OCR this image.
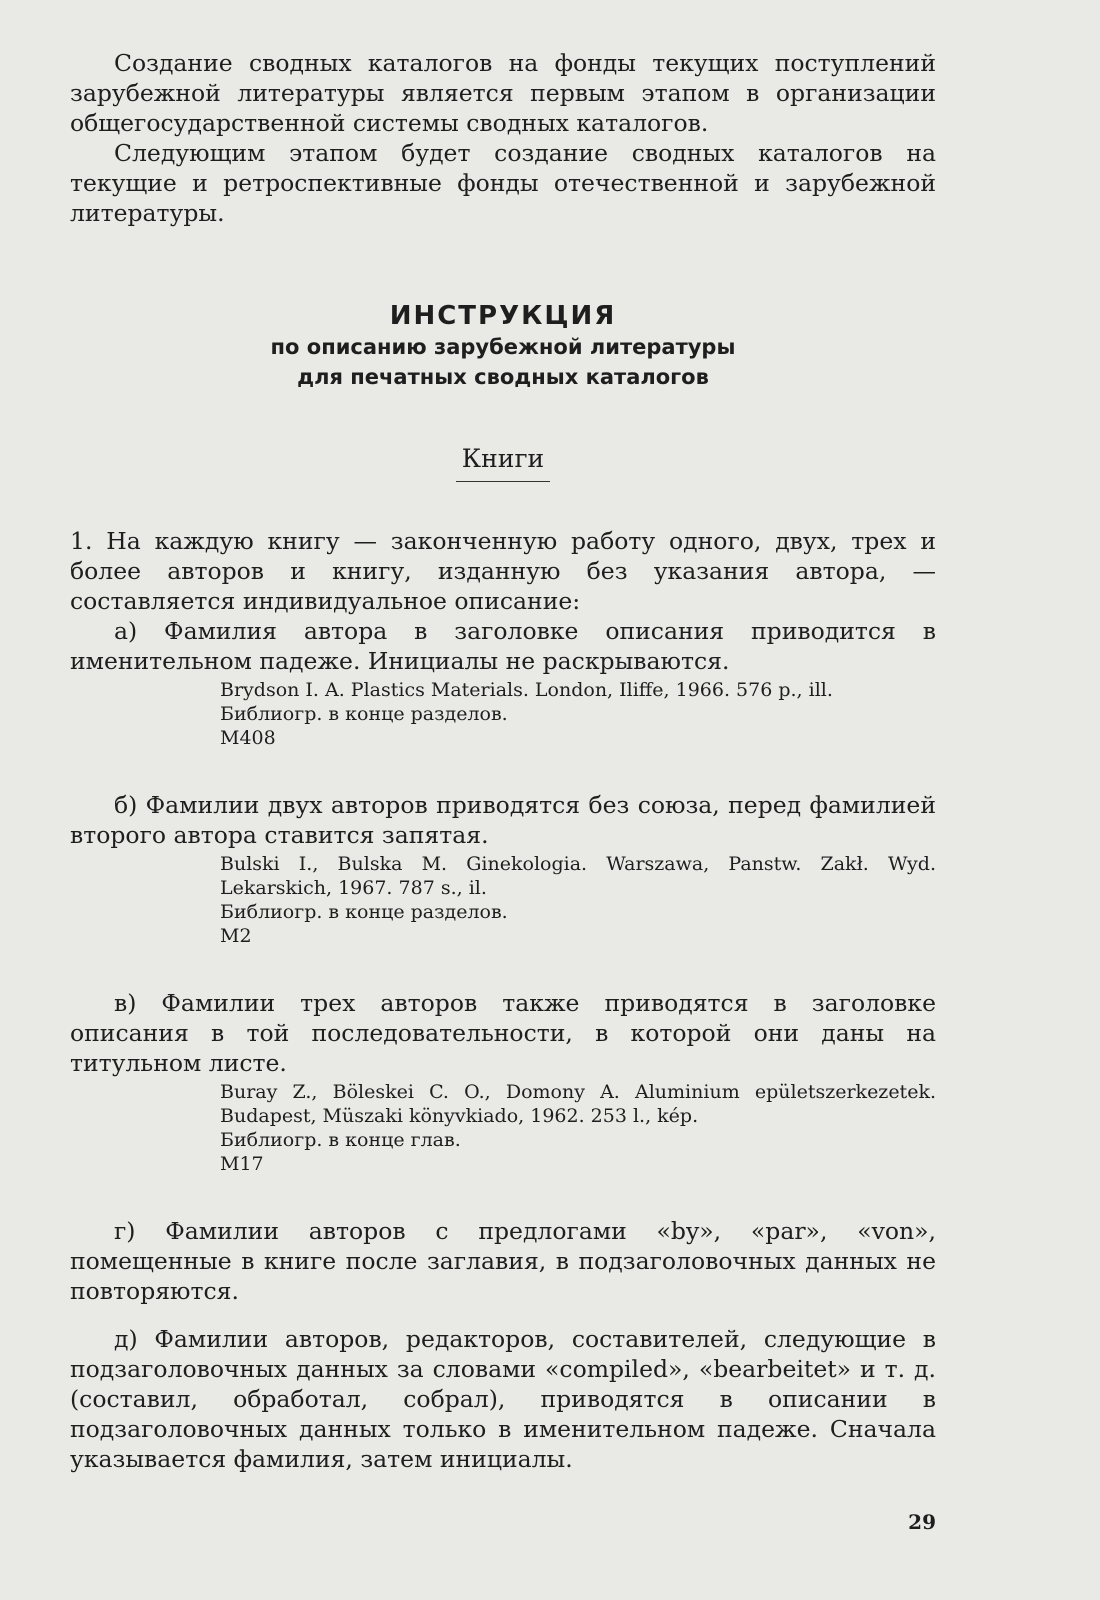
Создание сводных каталогов на фонды текущих поступлений зарубежной литературы является первым этапом в организации общегосударственной системы сводных каталогов.

Следующим этапом будет создание сводных каталогов на текущие и ретроспективные фонды отечественной и зарубежной литературы.

ИНСТРУКЦИЯ

по описанию зарубежной литературы

для печатных сводных каталогов

Книги

1. На каждую книгу — законченную работу одного, двух, трех и более авторов и книгу, изданную без указания автора, — составляется индивидуальное описание:

а) Фамилия автора в заголовке описания приводится в именительном падеже. Инициалы не раскрываются.

Brydson I. A. Plastics Materials. London, Iliffe, 1966. 576 p., ill.
Библиогр. в конце разделов.
M408

б) Фамилии двух авторов приводятся без союза, перед фамилией второго автора ставится запятая.

Bulski I., Bulska M. Ginekologia. Warszawa, Panstw. Zakł. Wyd. Lekarskich, 1967. 787 s., il.
Библиогр. в конце разделов.
M2

в) Фамилии трех авторов также приводятся в заголовке описания в той последовательности, в которой они даны на титульном листе.

Buray Z., Böleskei C. O., Domony A. Aluminium epületszerkezetek. Budapest, Müszaki könyvkiado, 1962. 253 l., kép.
Библиогр. в конце глав.
M17

г) Фамилии авторов с предлогами «by», «par», «von», помещенные в книге после заглавия, в подзаголовочных данных не повторяются.

д) Фамилии авторов, редакторов, составителей, следующие в подзаголовочных данных за словами «compiled», «bearbeitet» и т. д. (составил, обработал, собрал), приводятся в описании в подзаголовочных данных только в именительном падеже. Сначала указывается фамилия, затем инициалы.

29
